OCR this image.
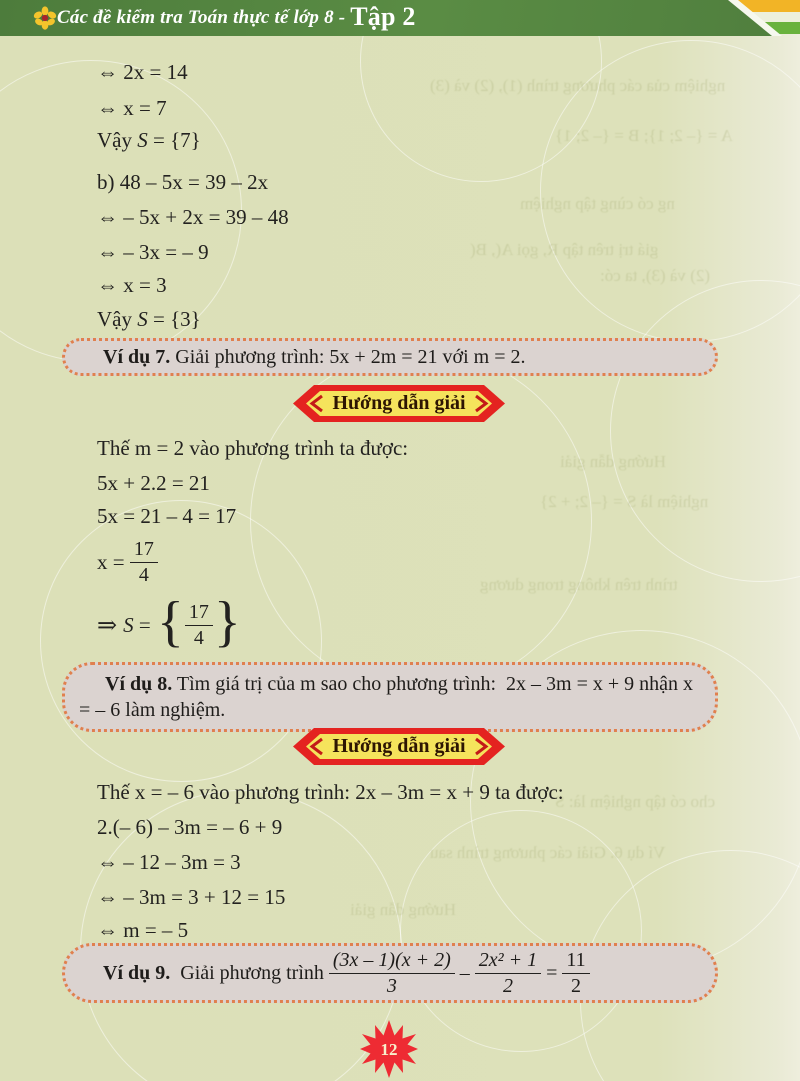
nghiệm của các phương trình (1), (2) và (3)
A = {– 2; 1}; B = {– 2; 1}
ng có cùng tập nghiệm
giá trị trên tập R, gọi A(, B(
(2) và (3), ta có:
Hướng dẫn giải
nghiệm là S = {– 2; + 2}
trình trên không trong dương
cho có tập nghiệm là: S
Ví dụ 6. Giải các phương trình sau
Hướng dẫn giải
Các đề kiểm tra Toán thực tế lớp 8 - Tập 2
⇔ 2x = 14
⇔ x = 7
Vậy S = {7}
b) 48 – 5x = 39 – 2x
⇔ – 5x + 2x = 39 – 48
⇔ – 3x = – 9
⇔ x = 3
Vậy S = {3}
Ví dụ 7. Giải phương trình: 5x + 2m = 21 với m = 2.
Hướng dẫn giải
Thế m = 2 vào phương trình ta được:
5x + 2.2 = 21
5x = 21 – 4 = 17
$x = \frac{17}{4}$
⇒ S = { $\frac{17}{4}$ }
Ví dụ 8. Tìm giá trị của m sao cho phương trình:  2x – 3m = x + 9 nhận x = – 6 làm nghiệm.
Hướng dẫn giải
Thế x = – 6 vào phương trình: 2x – 3m = x + 9 ta được:
2.(– 6) – 3m = – 6 + 9
⇔ – 12 – 3m = 3
⇔ – 3m = 3 + 12 = 15
⇔ m = – 5
Ví dụ 9. Giải phương trình $\frac{(3x - 1)(x + 2)}{3} - \frac{\text{2x² + 1}}{2} = \frac{11}{2}$
12
